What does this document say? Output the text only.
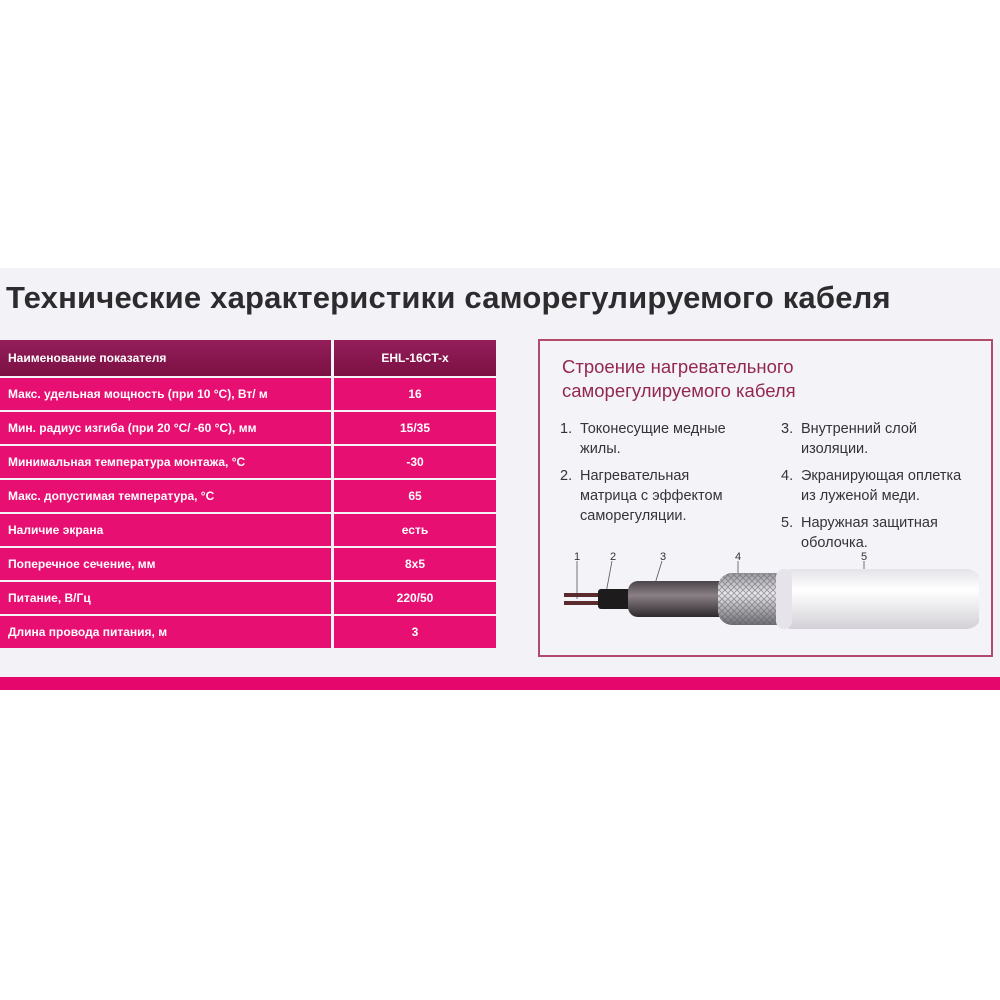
Технические характеристики саморегулируемого кабеля
Наименование показателя	EHL-16CT-x
Макс. удельная мощность (при 10 °С), Вт/ м	16
Мин. радиус изгиба (при 20 °С/ -60 °С), мм	15/35
Минимальная температура монтажа, °С	-30
Макс. допустимая температура, °С	65
Наличие экрана	есть
Поперечное сечение, мм	8x5
Питание, В/Гц	220/50
Длина провода питания, м	3
Строение нагревательного
саморегулируемого кабеля
1. Токонесущие медные
жилы.
2. Нагревательная
матрица с эффектом
саморегуляции.
3. Внутренний слой
изоляции.
4. Экранирующая оплетка
из луженой меди.
5. Наружная защитная
оболочка.
1	2	3	4	5
